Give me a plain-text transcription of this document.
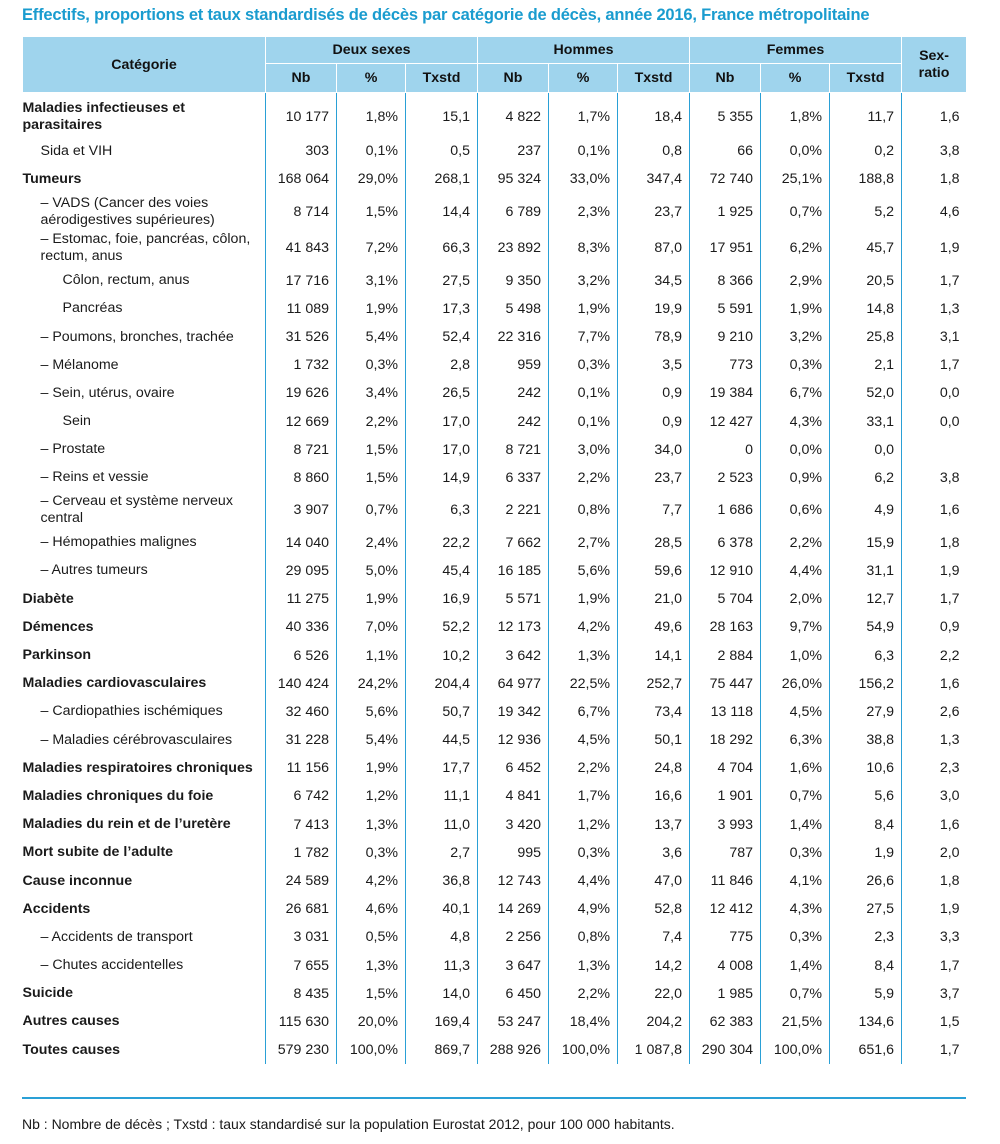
Effectifs, proportions et taux standardisés de décès par catégorie de décès, année 2016, France métropolitaine
Catégorie	Deux sexes			Hommes			Femmes			Sex-ratio
	Nb	%	Txstd	Nb	%	Txstd	Nb	%	Txstd	
Maladies infectieuses et parasitaires	10 177	1,8%	15,1	4 822	1,7%	18,4	5 355	1,8%	11,7	1,6

Sida et VIH	303	0,1%	0,5	237	0,1%	0,8	66	0,0%	0,2	3,8
Tumeurs	168 064	29,0%	268,1	95 324	33,0%	347,4	72 740	25,1%	188,8	1,8

– VADS (Cancer des voies aérodigestives supérieures)	8 714	1,5%	14,4	6 789	2,3%	23,7	1 925	0,7%	5,2	4,6

– Estomac, foie, pancréas, côlon, rectum, anus	41 843	7,2%	66,3	23 892	8,3%	87,0	17 951	6,2%	45,7	1,9

Côlon, rectum, anus	17 716	3,1%	27,5	9 350	3,2%	34,5	8 366	2,9%	20,5	1,7

Pancréas	11 089	1,9%	17,3	5 498	1,9%	19,9	5 591	1,9%	14,8	1,3

– Poumons, bronches, trachée	31 526	5,4%	52,4	22 316	7,7%	78,9	9 210	3,2%	25,8	3,1

– Mélanome	1 732	0,3%	2,8	959	0,3%	3,5	773	0,3%	2,1	1,7

– Sein, utérus, ovaire	19 626	3,4%	26,5	242	0,1%	0,9	19 384	6,7%	52,0	0,0

Sein	12 669	2,2%	17,0	242	0,1%	0,9	12 427	4,3%	33,1	0,0

– Prostate	8 721	1,5%	17,0	8 721	3,0%	34,0	0	0,0%	0,0	

– Reins et vessie	8 860	1,5%	14,9	6 337	2,2%	23,7	2 523	0,9%	6,2	3,8

– Cerveau et système nerveux central	3 907	0,7%	6,3	2 221	0,8%	7,7	1 686	0,6%	4,9	1,6

– Hémopathies malignes	14 040	2,4%	22,2	7 662	2,7%	28,5	6 378	2,2%	15,9	1,8

– Autres tumeurs	29 095	5,0%	45,4	16 185	5,6%	59,6	12 910	4,4%	31,1	1,9
Diabète	11 275	1,9%	16,9	5 571	1,9%	21,0	5 704	2,0%	12,7	1,7
Démences	40 336	7,0%	52,2	12 173	4,2%	49,6	28 163	9,7%	54,9	0,9
Parkinson	6 526	1,1%	10,2	3 642	1,3%	14,1	2 884	1,0%	6,3	2,2
Maladies cardiovasculaires	140 424	24,2%	204,4	64 977	22,5%	252,7	75 447	26,0%	156,2	1,6

– Cardiopathies ischémiques	32 460	5,6%	50,7	19 342	6,7%	73,4	13 118	4,5%	27,9	2,6

– Maladies cérébrovasculaires	31 228	5,4%	44,5	12 936	4,5%	50,1	18 292	6,3%	38,8	1,3
Maladies respiratoires chroniques	11 156	1,9%	17,7	6 452	2,2%	24,8	4 704	1,6%	10,6	2,3
Maladies chroniques du foie	6 742	1,2%	11,1	4 841	1,7%	16,6	1 901	0,7%	5,6	3,0
Maladies du rein et de l’uretère	7 413	1,3%	11,0	3 420	1,2%	13,7	3 993	1,4%	8,4	1,6
Mort subite de l’adulte	1 782	0,3%	2,7	995	0,3%	3,6	787	0,3%	1,9	2,0
Cause inconnue	24 589	4,2%	36,8	12 743	4,4%	47,0	11 846	4,1%	26,6	1,8
Accidents	26 681	4,6%	40,1	14 269	4,9%	52,8	12 412	4,3%	27,5	1,9

– Accidents de transport	3 031	0,5%	4,8	2 256	0,8%	7,4	775	0,3%	2,3	3,3

– Chutes accidentelles	7 655	1,3%	11,3	3 647	1,3%	14,2	4 008	1,4%	8,4	1,7
Suicide	8 435	1,5%	14,0	6 450	2,2%	22,0	1 985	0,7%	5,9	3,7
Autres causes	115 630	20,0%	169,4	53 247	18,4%	204,2	62 383	21,5%	134,6	1,5
Toutes causes	579 230	100,0%	869,7	288 926	100,0%	1 087,8	290 304	100,0%	651,6	1,7
Nb : Nombre de décès ; Txstd : taux standardisé sur la population Eurostat 2012, pour 100 000 habitants.
